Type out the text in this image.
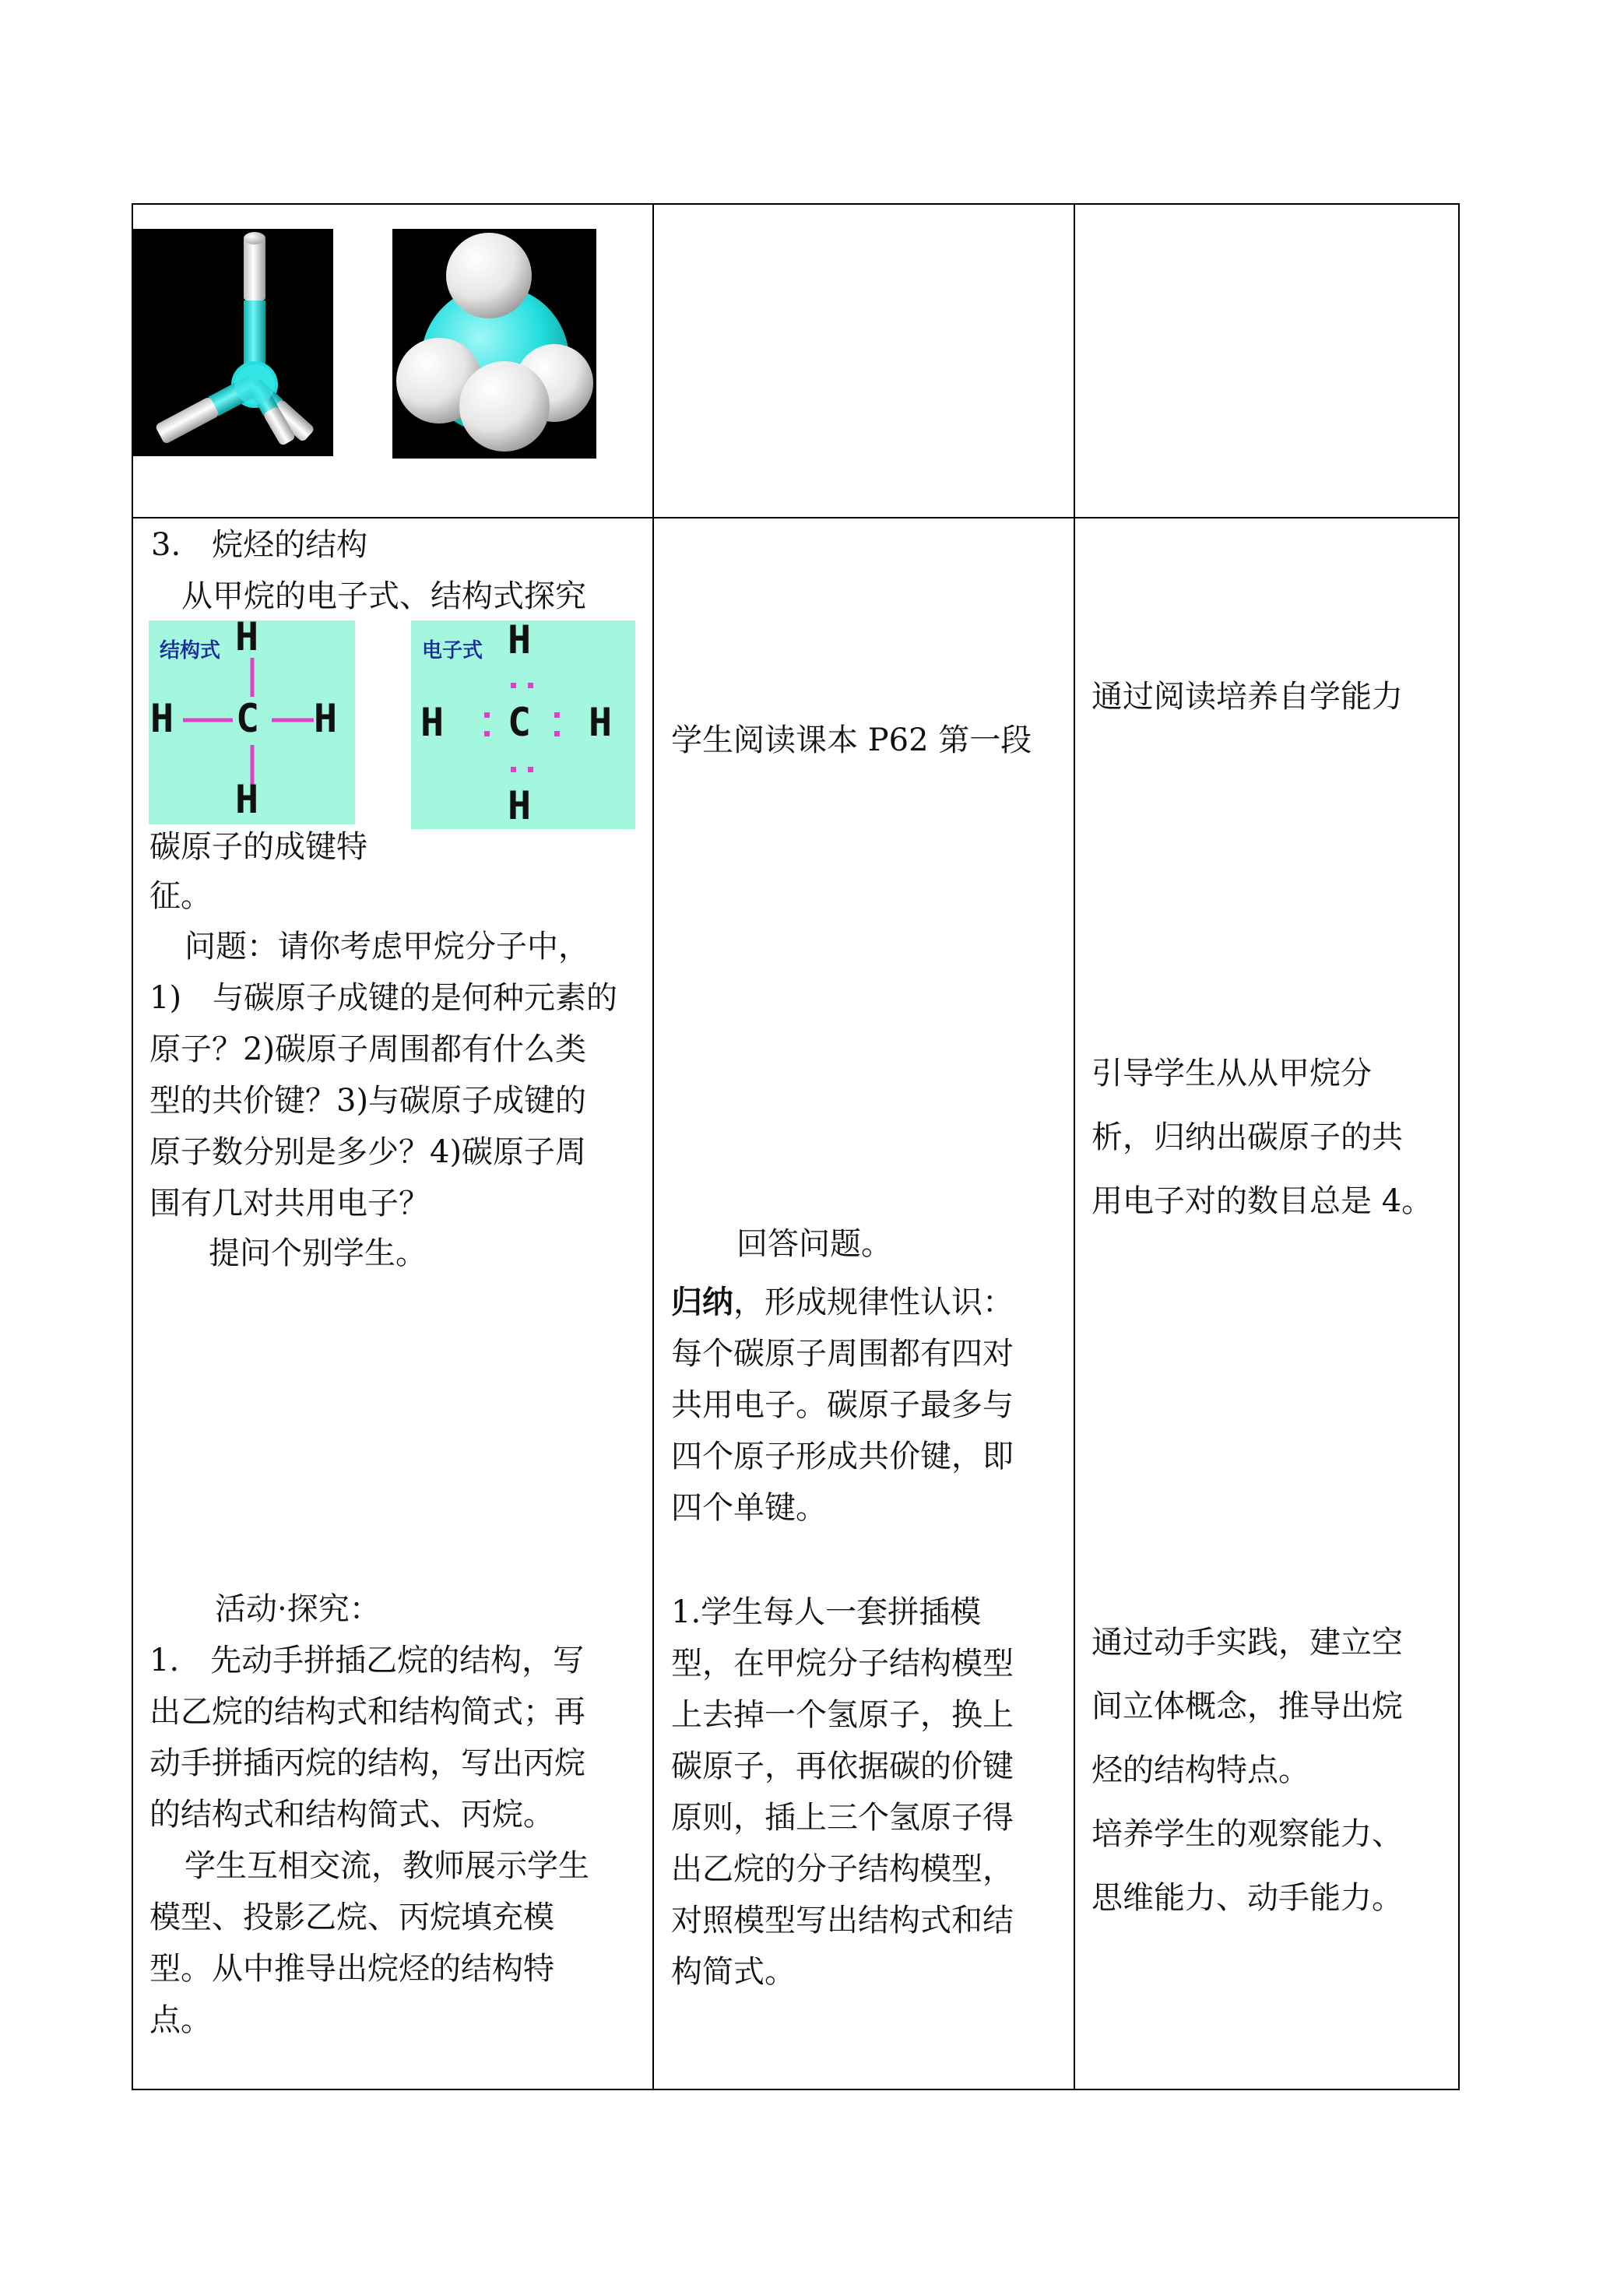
3.　烷烃的结构
从甲烷的电子式、结构式探究
结构式 H
H C H
H
电子式 H
H C H
H
碳原子的成键特
征。

问题：请你考虑甲烷分子中，

1)　与碳原子成键的是何种元素的

原子？2)碳原子周围都有什么类

型的共价键？3)与碳原子成键的

原子数分别是多少？4)碳原子周

围有几对共用电子？

提问个别学生。
活动·探究：

1.　先动手拼插乙烷的结构，写

出乙烷的结构式和结构简式；再

动手拼插丙烷的结构，写出丙烷

的结构式和结构简式、丙烷。

学生互相交流，教师展示学生

模型、投影乙烷、丙烷填充模

型。从中推导出烷烃的结构特

点。

学生阅读课本 P62 第一段
回答问题。

归纳，形成规律性认识：

每个碳原子周围都有四对

共用电子。碳原子最多与

四个原子形成共价键，即

四个单键。

1.学生每人一套拼插模

型，在甲烷分子结构模型

上去掉一个氢原子，换上

碳原子，再依据碳的价键

原则，插上三个氢原子得

出乙烷的分子结构模型，

对照模型写出结构式和结

构简式。

通过阅读培养自学能力

引导学生从从甲烷分

析，归纳出碳原子的共

用电子对的数目总是 4。

通过动手实践，建立空

间立体概念，推导出烷

烃的结构特点。

培养学生的观察能力、

思维能力、动手能力。
